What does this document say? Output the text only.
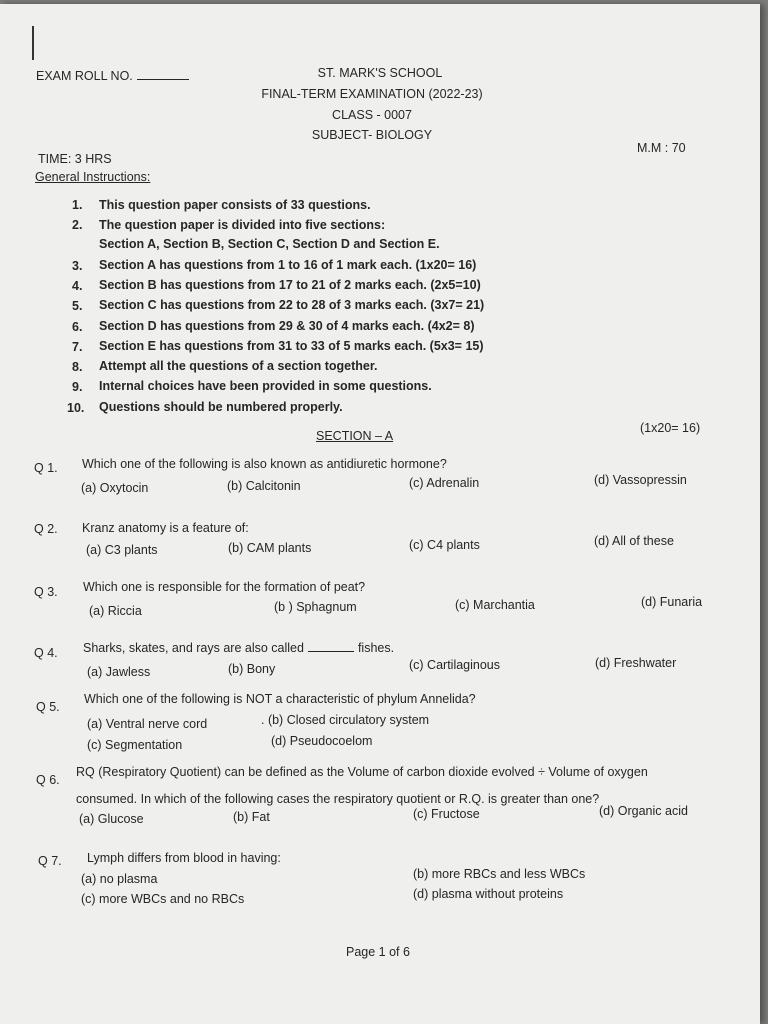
EXAM ROLL NO.	ST. MARK'S SCHOOL
FINAL-TERM EXAMINATION (2022-23)
CLASS - 0007
SUBJECT- BIOLOGY
TIME: 3 HRS
M.M : 70
General Instructions:
1. This question paper consists of 33 questions.
2. The question paper is divided into five sections:
Section A, Section B, Section C, Section D and Section E.
3. Section A has questions from 1 to 16 of 1 mark each. (1x20= 16)
4. Section B has questions from 17 to 21 of 2 marks each. (2x5=10)
5. Section C has questions from 22 to 28 of 3 marks each. (3x7= 21)
6. Section D has questions from 29 & 30 of 4 marks each. (4x2= 8)
7. Section E has questions from 31 to 33 of 5 marks each. (5x3= 15)
8. Attempt all the questions of a section together.
9. Internal choices have been provided in some questions.
10. Questions should be numbered properly.
SECTION – A
(1x20= 16)
Q 1. Which one of the following is also known as antidiuretic hormone?
(a) Oxytocin	(b) Calcitonin	(c) Adrenalin	(d) Vassopressin
Q 2. Kranz anatomy is a feature of:
(a) C3 plants	(b) CAM plants	(c) C4 plants	(d) All of these
Q 3. Which one is responsible for the formation of peat?
(a) Riccia	(b ) Sphagnum	(c) Marchantia	(d) Funaria
Q 4. Sharks, skates, and rays are also called	fishes.
(a) Jawless	(b) Bony	(c) Cartilaginous	(d) Freshwater
Q 5.
Which one of the following is NOT a characteristic of phylum Annelida?
(a) Ventral nerve cord	. (b) Closed circulatory system
(c) Segmentation	(d) Pseudocoelom
Q 6.
RQ (Respiratory Quotient) can be defined as the Volume of carbon dioxide evolved ÷ Volume of oxygen
consumed. In which of the following cases the respiratory quotient or R.Q. is greater than one?
(a) Glucose	(b) Fat	(c) Fructose	(d) Organic acid
Q 7. Lymph differs from blood in having:
(a) no plasma	(b) more RBCs and less WBCs
(c) more WBCs and no RBCs	(d) plasma without proteins
Page 1 of 6
